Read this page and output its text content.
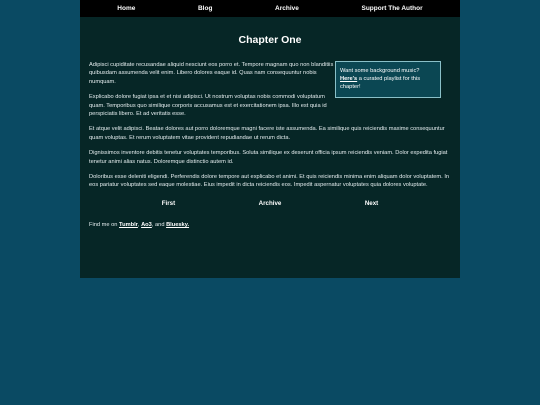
Home	Blog	Archive	Support The Author
Chapter One
Want some background music? Here's a curated playlist for this chapter!

Adipisci cupiditate recusandae aliquid nesciunt eos porro et. Tempore magnam quo non blanditiis quibusdam assumenda velit enim. Libero dolores eaque id. Quas nam consequuntur nobis numquam.

Explicabo dolore fugiat ipsa et et nisi adipisci. Ut nostrum voluptas nobis commodi voluptatum quam. Temporibus quo similique corporis accusamus est et exercitationem ipsa. Illo est quia id perspiciatis libero. Et ad veritatis esse.

Et atque velit adipisci. Beatae dolores aut porro doloremque magni facere iste assumenda. Ea similique quis reiciendis maxime consequuntur quam voluptas. Et rerum voluptatem vitae provident repudiandae ut rerum dicta.

Dignissimos inventore debitis tenetur voluptates temporibus. Soluta similique ex deserunt officia ipsum reiciendis veniam. Dolor expedita fugiat tenetur animi alias natus. Doloremque distinctio autem id.

Doloribus esse deleniti eligendi. Perferendis dolore tempore aut explicabo et animi. Et quis reiciendis minima enim aliquam dolor voluptatem. In eos pariatur voluptates sed eaque molestiae. Eius impedit in dicta reiciendis eos. Impedit aspernatur voluptates quia dolores voluptate.

First	Archive	Next
Find me on Tumblr, Ao3, and Bluesky.
